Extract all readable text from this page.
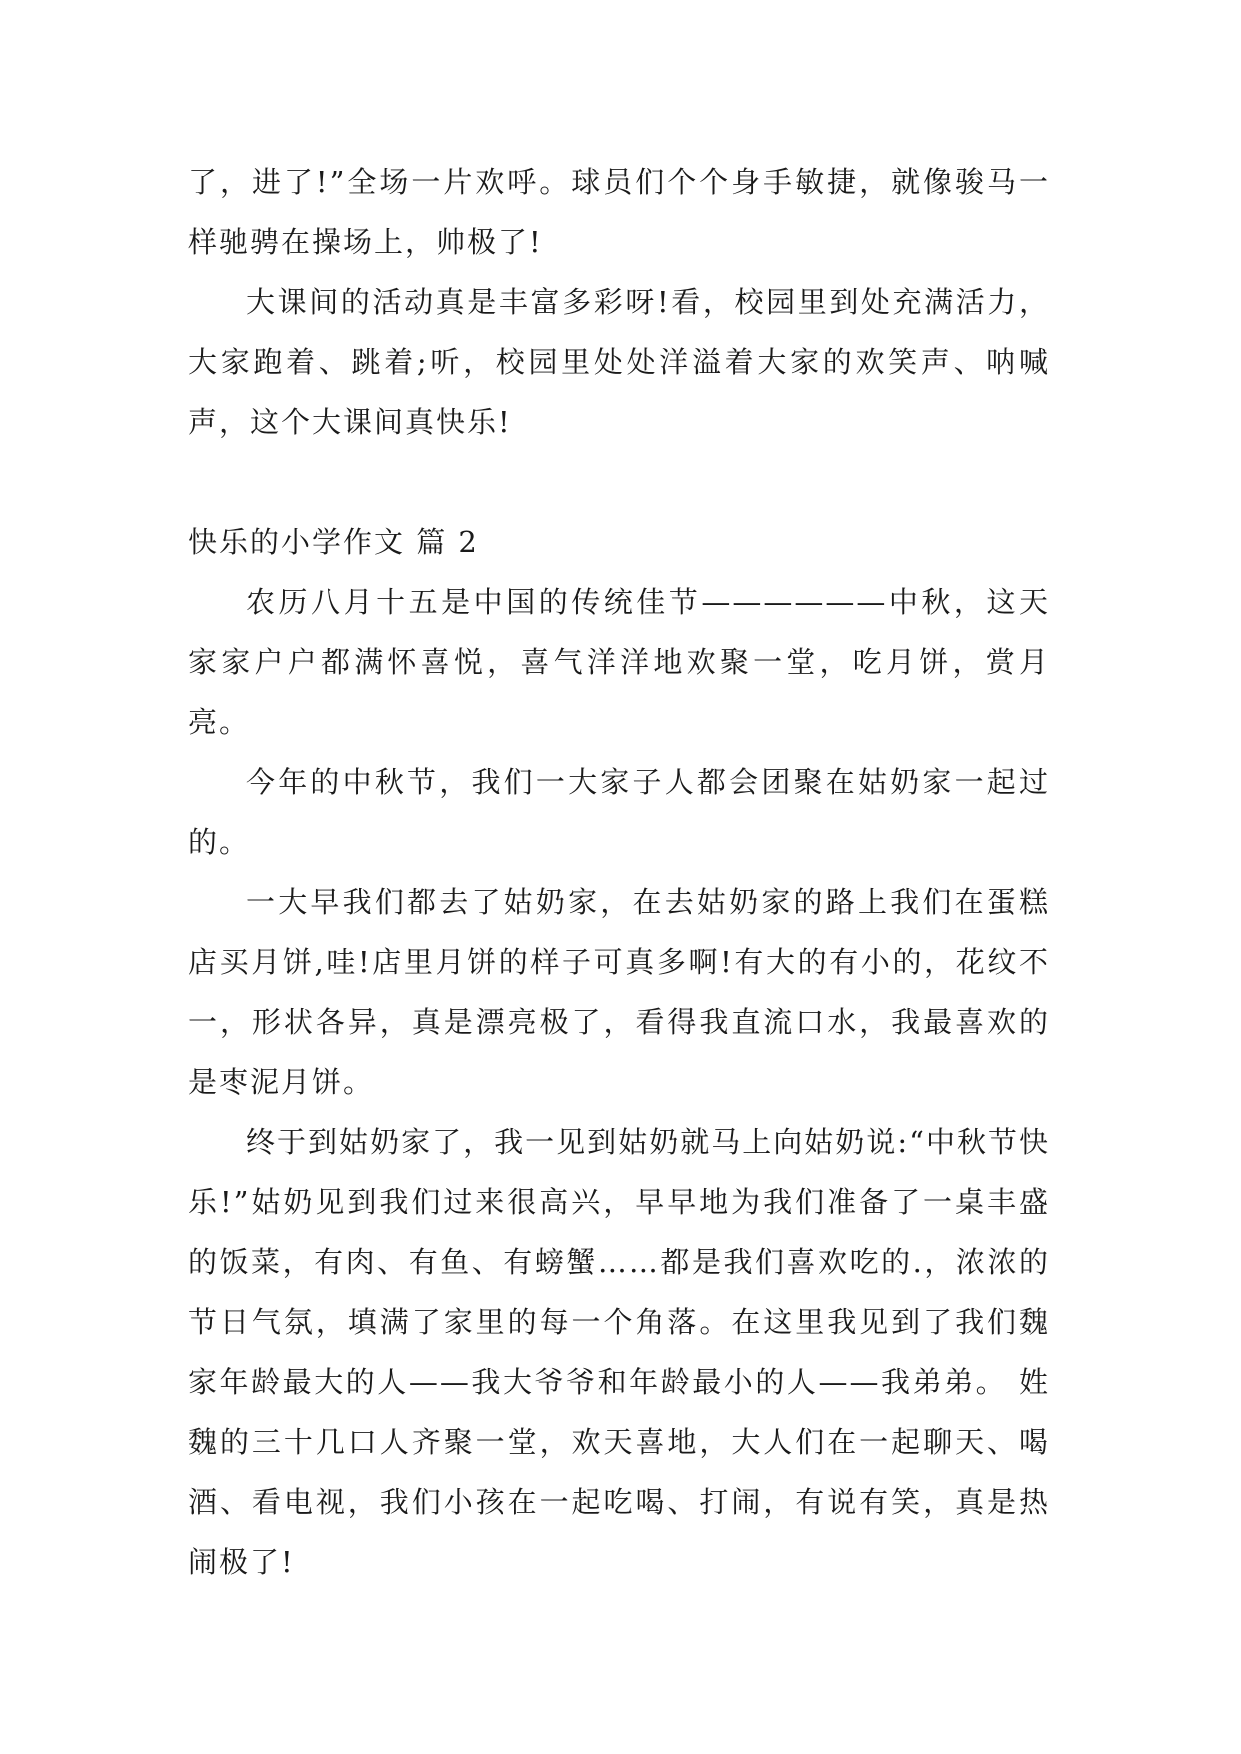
了，进了!”全场一片欢呼。球员们个个身手敏捷，就像骏马一样驰骋在操场上，帅极了!

大课间的活动真是丰富多彩呀!看，校园里到处充满活力，大家跑着、跳着;听，校园里处处洋溢着大家的欢笑声、呐喊声，这个大课间真快乐!

快乐的小学作文 篇 2

农历八月十五是中国的传统佳节——————中秋，这天家家户户都满怀喜悦，喜气洋洋地欢聚一堂，吃月饼，赏月亮。

今年的中秋节，我们一大家子人都会团聚在姑奶家一起过的。

一大早我们都去了姑奶家，在去姑奶家的路上我们在蛋糕店买月饼,哇!店里月饼的样子可真多啊!有大的有小的，花纹不一，形状各异，真是漂亮极了，看得我直流口水，我最喜欢的是枣泥月饼。

终于到姑奶家了，我一见到姑奶就马上向姑奶说:“中秋节快乐!”姑奶见到我们过来很高兴，早早地为我们准备了一桌丰盛的饭菜，有肉、有鱼、有螃蟹……都是我们喜欢吃的.，浓浓的节日气氛，填满了家里的每一个角落。在这里我见到了我们魏家年龄最大的人——我大爷爷和年龄最小的人——我弟弟。 姓魏的三十几口人齐聚一堂，欢天喜地，大人们在一起聊天、喝酒、看电视，我们小孩在一起吃喝、打闹，有说有笑，真是热闹极了!
